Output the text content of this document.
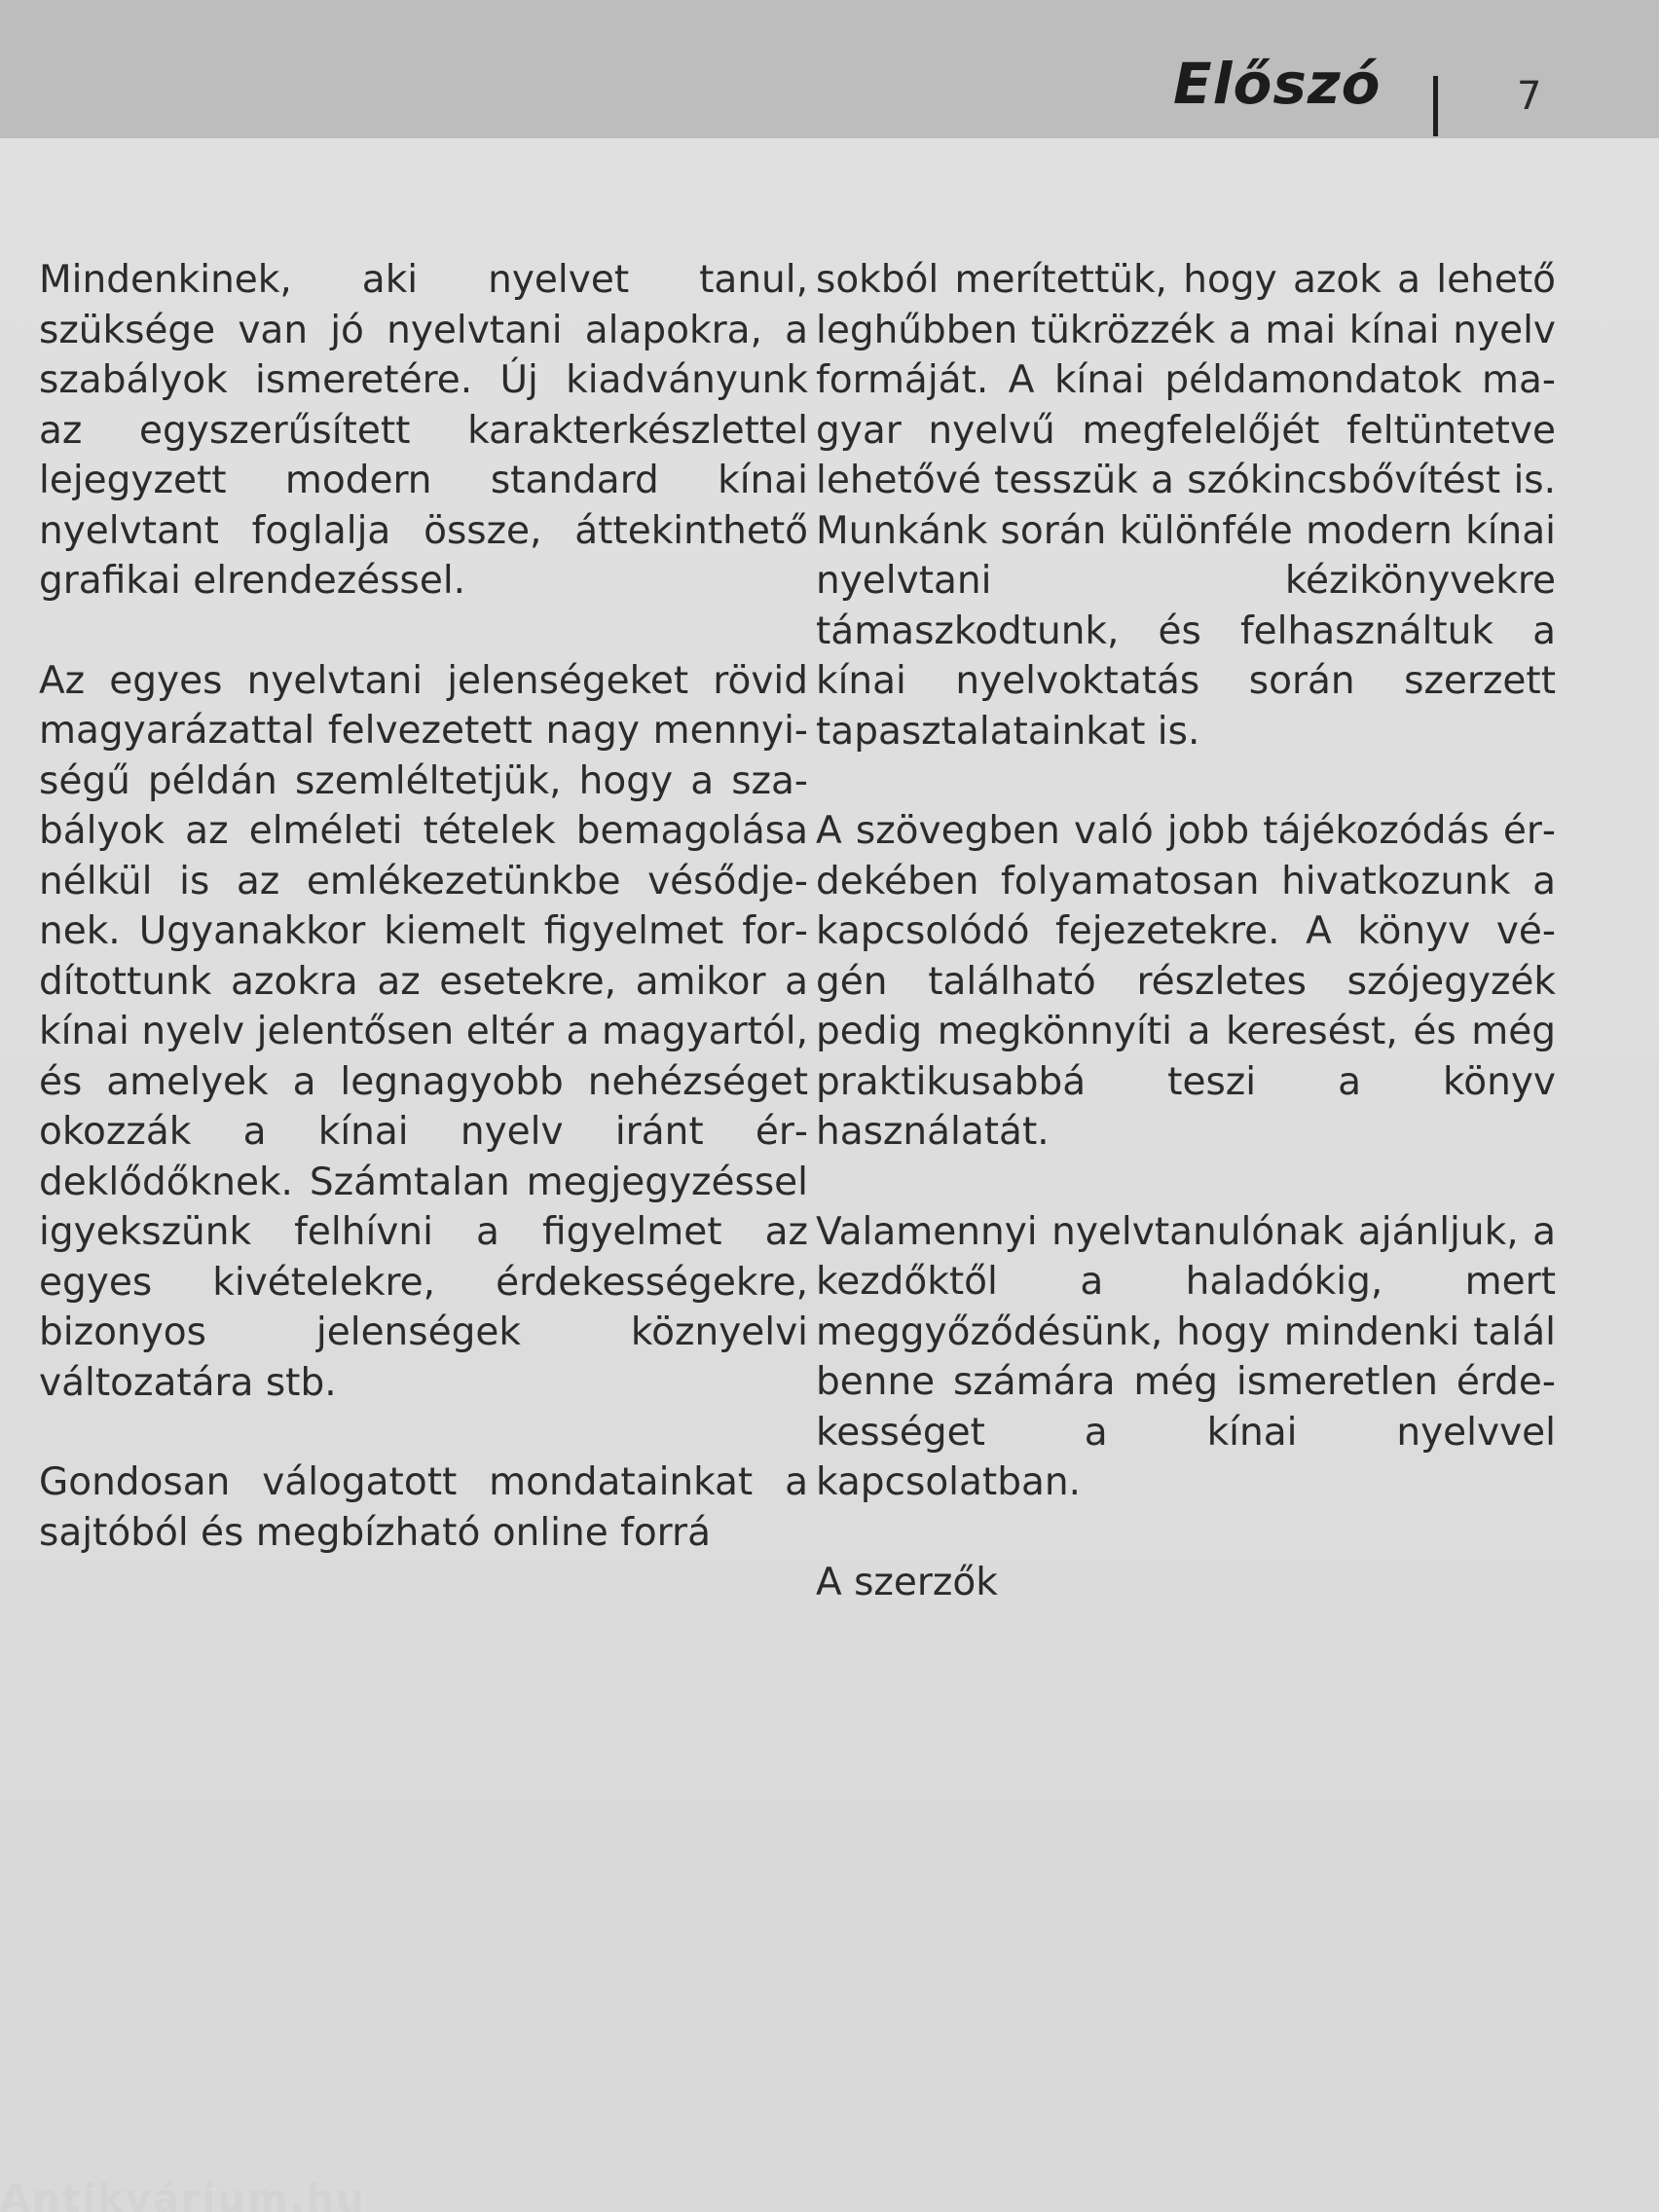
Előszó	7

Mindenkinek, aki nyelvet tanul, szüksége van jó nyelvtani alapokra, a szabályok ismeretére. Új kiadványunk az egyszerűsített karakterkészlettel lejegyzett modern standard kínai nyelvtant foglalja össze, áttekinthető grafikai elrendezéssel.

Az egyes nyelvtani jelenségeket rövid magyarázattal felvezetett nagy mennyiségű példán szemléltetjük, hogy a szabályok az elméleti tételek bemagolása nélkül is az emlékezetünkbe vésődjenek. Ugyanakkor kiemelt figyelmet fordítottunk azokra az esetekre, amikor a kínai nyelv jelentősen eltér a magyartól, és amelyek a legnagyobb nehézséget okozzák a kínai nyelv iránt érdeklődőknek. Számtalan megjegyzéssel igyekszünk felhívni a figyelmet az egyes kivételekre, érdekességekre, bizonyos jelenségek köznyelvi változatára stb.

Gondosan válogatott mondatainkat a sajtóból és megbízható online forrá

sokból merítettük, hogy azok a lehető leghűbben tükrözzék a mai kínai nyelv formáját. A kínai példamondatok magyar nyelvű megfelelőjét feltüntetve lehetővé tesszük a szókincsbővítést is. Munkánk során különféle modern kínai nyelvtani kézikönyvekre támaszkodtunk, és felhasználtuk a kínai nyelvoktatás során szerzett tapasztalatainkat is.

A szövegben való jobb tájékozódás érdekében folyamatosan hivatkozunk a kapcsolódó fejezetekre. A könyv végén található részletes szójegyzék pedig megkönnyíti a keresést, és még praktikusabbá teszi a könyv használatát.

Valamennyi nyelvtanulónak ajánljuk, a kezdőktől a haladókig, mert meggyőződésünk, hogy mindenki talál benne számára még ismeretlen érdekességet a kínai nyelvvel kapcsolatban.

A szerzők

Antikvárium.hu
